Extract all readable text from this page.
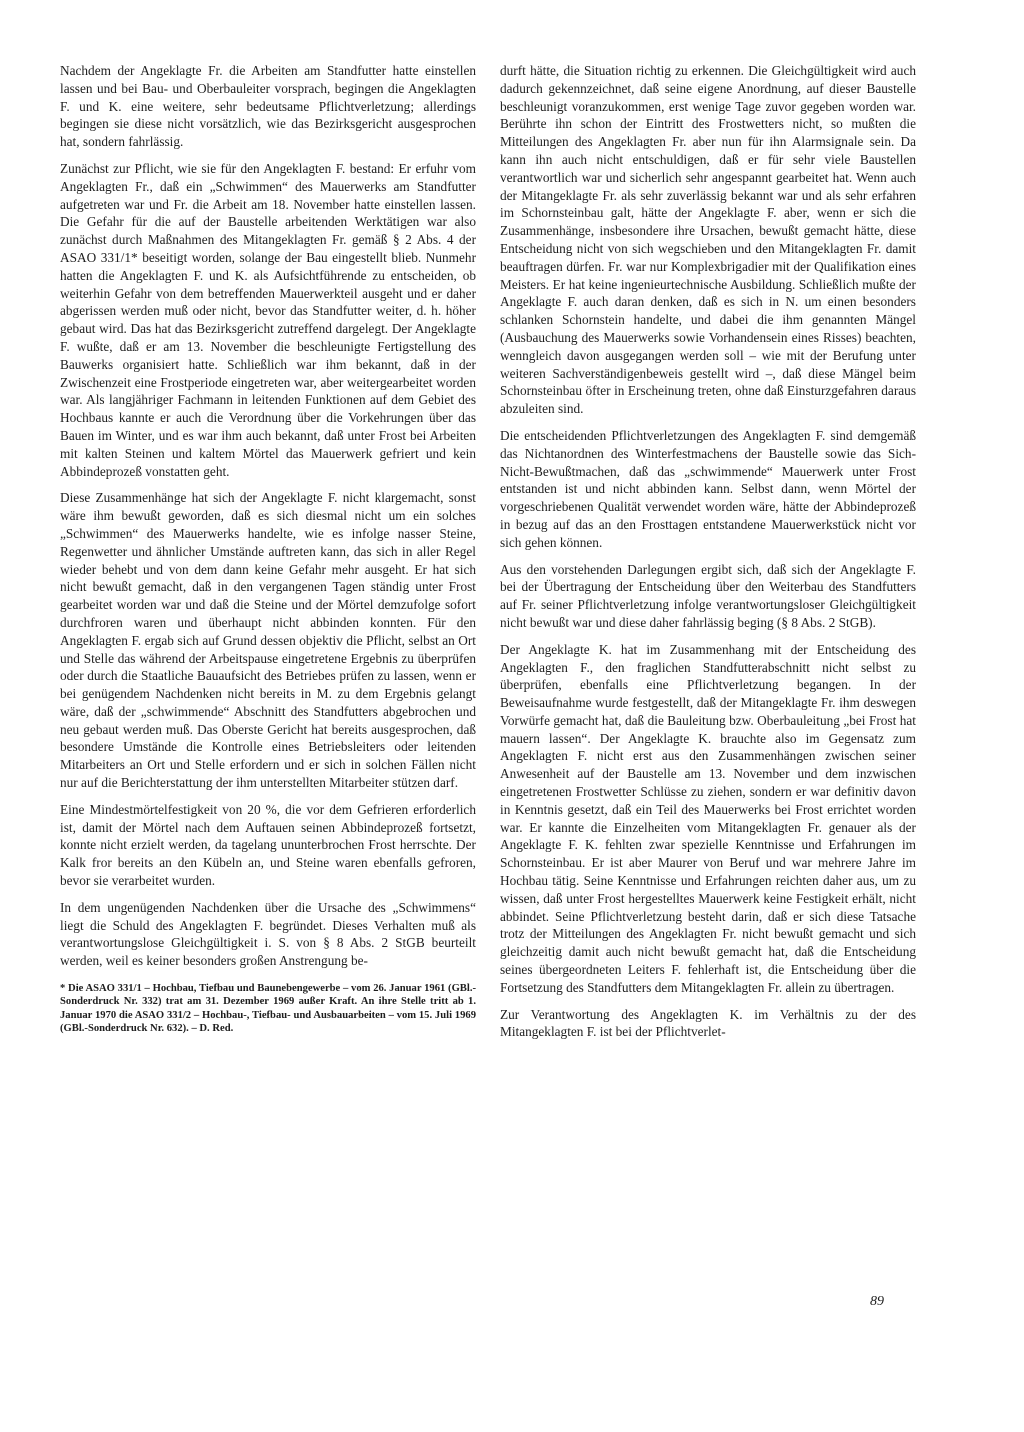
Nachdem der Angeklagte Fr. die Arbeiten am Standfutter hatte einstellen lassen und bei Bau- und Oberbauleiter vorsprach, begingen die Angeklagten F. und K. eine weitere, sehr bedeutsame Pflichtverletzung; allerdings begingen sie diese nicht vorsätzlich, wie das Bezirksgericht ausgesprochen hat, sondern fahrlässig.

Zunächst zur Pflicht, wie sie für den Angeklagten F. bestand: Er erfuhr vom Angeklagten Fr., daß ein „Schwimmen“ des Mauerwerks am Standfutter aufgetreten war und Fr. die Arbeit am 18. November hatte einstellen lassen. Die Gefahr für die auf der Baustelle arbeitenden Werktätigen war also zunächst durch Maßnahmen des Mitangeklagten Fr. gemäß § 2 Abs. 4 der ASAO 331/1* beseitigt worden, solange der Bau eingestellt blieb. Nunmehr hatten die Angeklagten F. und K. als Aufsichtführende zu entscheiden, ob weiterhin Gefahr von dem betreffenden Mauerwerkteil ausgeht und er daher abgerissen werden muß oder nicht, bevor das Standfutter weiter, d. h. höher gebaut wird. Das hat das Bezirksgericht zutreffend dargelegt. Der Angeklagte F. wußte, daß er am 13. November die beschleunigte Fertigstellung des Bauwerks organisiert hatte. Schließlich war ihm bekannt, daß in der Zwischenzeit eine Frostperiode eingetreten war, aber weitergearbeitet worden war. Als langjähriger Fachmann in leitenden Funktionen auf dem Gebiet des Hochbaus kannte er auch die Verordnung über die Vorkehrungen über das Bauen im Winter, und es war ihm auch bekannt, daß unter Frost bei Arbeiten mit kalten Steinen und kaltem Mörtel das Mauerwerk gefriert und kein Abbindeprozeß vonstatten geht.

Diese Zusammenhänge hat sich der Angeklagte F. nicht klargemacht, sonst wäre ihm bewußt geworden, daß es sich diesmal nicht um ein solches „Schwimmen“ des Mauerwerks handelte, wie es infolge nasser Steine, Regenwetter und ähnlicher Umstände auftreten kann, das sich in aller Regel wieder behebt und von dem dann keine Gefahr mehr ausgeht. Er hat sich nicht bewußt gemacht, daß in den vergangenen Tagen ständig unter Frost gearbeitet worden war und daß die Steine und der Mörtel demzufolge sofort durchfroren waren und überhaupt nicht abbinden konnten. Für den Angeklagten F. ergab sich auf Grund dessen objektiv die Pflicht, selbst an Ort und Stelle das während der Arbeitspause eingetretene Ergebnis zu überprüfen oder durch die Staatliche Bauaufsicht des Betriebes prüfen zu lassen, wenn er bei genügendem Nachdenken nicht bereits in M. zu dem Ergebnis gelangt wäre, daß der „schwimmende“ Abschnitt des Standfutters abgebrochen und neu gebaut werden muß. Das Oberste Gericht hat bereits ausgesprochen, daß besondere Umstände die Kontrolle eines Betriebsleiters oder leitenden Mitarbeiters an Ort und Stelle erfordern und er sich in solchen Fällen nicht nur auf die Berichterstattung der ihm unterstellten Mitarbeiter stützen darf.

Eine Mindestmörtelfestigkeit von 20 %, die vor dem Gefrieren erforderlich ist, damit der Mörtel nach dem Auftauen seinen Abbindeprozeß fortsetzt, konnte nicht erzielt werden, da tagelang ununterbrochen Frost herrschte. Der Kalk fror bereits an den Kübeln an, und Steine waren ebenfalls gefroren, bevor sie verarbeitet wurden.

In dem ungenügenden Nachdenken über die Ursache des „Schwimmens“ liegt die Schuld des Angeklagten F. begründet. Dieses Verhalten muß als verantwortungslose Gleichgültigkeit i. S. von § 8 Abs. 2 StGB beurteilt werden, weil es keiner besonders großen Anstrengung be-

* Die ASAO 331/1 – Hochbau, Tiefbau und Baunebengewerbe – vom 26. Januar 1961 (GBl.-Sonderdruck Nr. 332) trat am 31. Dezember 1969 außer Kraft. An ihre Stelle tritt ab 1. Januar 1970 die ASAO 331/2 – Hochbau-, Tiefbau- und Ausbauarbeiten – vom 15. Juli 1969 (GBl.-Sonderdruck Nr. 632). – D. Red.

durft hätte, die Situation richtig zu erkennen. Die Gleichgültigkeit wird auch dadurch gekennzeichnet, daß seine eigene Anordnung, auf dieser Baustelle beschleunigt voranzukommen, erst wenige Tage zuvor gegeben worden war. Berührte ihn schon der Eintritt des Frostwetters nicht, so mußten die Mitteilungen des Angeklagten Fr. aber nun für ihn Alarmsignale sein. Da kann ihn auch nicht entschuldigen, daß er für sehr viele Baustellen verantwortlich war und sicherlich sehr angespannt gearbeitet hat. Wenn auch der Mitangeklagte Fr. als sehr zuverlässig bekannt war und als sehr erfahren im Schornsteinbau galt, hätte der Angeklagte F. aber, wenn er sich die Zusammenhänge, insbesondere ihre Ursachen, bewußt gemacht hätte, diese Entscheidung nicht von sich wegschieben und den Mitangeklagten Fr. damit beauftragen dürfen. Fr. war nur Komplexbrigadier mit der Qualifikation eines Meisters. Er hat keine ingenieurtechnische Ausbildung. Schließlich mußte der Angeklagte F. auch daran denken, daß es sich in N. um einen besonders schlanken Schornstein handelte, und dabei die ihm genannten Mängel (Ausbauchung des Mauerwerks sowie Vorhandensein eines Risses) beachten, wenngleich davon ausgegangen werden soll – wie mit der Berufung unter weiteren Sachverständigenbeweis gestellt wird –, daß diese Mängel beim Schornsteinbau öfter in Erscheinung treten, ohne daß Einsturzgefahren daraus abzuleiten sind.

Die entscheidenden Pflichtverletzungen des Angeklagten F. sind demgemäß das Nichtanordnen des Winterfestmachens der Baustelle sowie das Sich-Nicht-Bewußtmachen, daß das „schwimmende“ Mauerwerk unter Frost entstanden ist und nicht abbinden kann. Selbst dann, wenn Mörtel der vorgeschriebenen Qualität verwendet worden wäre, hätte der Abbindeprozeß in bezug auf das an den Frosttagen entstandene Mauerwerkstück nicht vor sich gehen können.

Aus den vorstehenden Darlegungen ergibt sich, daß sich der Angeklagte F. bei der Übertragung der Entscheidung über den Weiterbau des Standfutters auf Fr. seiner Pflichtverletzung infolge verantwortungsloser Gleichgültigkeit nicht bewußt war und diese daher fahrlässig beging (§ 8 Abs. 2 StGB).

Der Angeklagte K. hat im Zusammenhang mit der Entscheidung des Angeklagten F., den fraglichen Standfutterabschnitt nicht selbst zu überprüfen, ebenfalls eine Pflichtverletzung begangen. In der Beweisaufnahme wurde festgestellt, daß der Mitangeklagte Fr. ihm deswegen Vorwürfe gemacht hat, daß die Bauleitung bzw. Oberbauleitung „bei Frost hat mauern lassen“. Der Angeklagte K. brauchte also im Gegensatz zum Angeklagten F. nicht erst aus den Zusammenhängen zwischen seiner Anwesenheit auf der Baustelle am 13. November und dem inzwischen eingetretenen Frostwetter Schlüsse zu ziehen, sondern er war definitiv davon in Kenntnis gesetzt, daß ein Teil des Mauerwerks bei Frost errichtet worden war. Er kannte die Einzelheiten vom Mitangeklagten Fr. genauer als der Angeklagte F. K. fehlten zwar spezielle Kenntnisse und Erfahrungen im Schornsteinbau. Er ist aber Maurer von Beruf und war mehrere Jahre im Hochbau tätig. Seine Kenntnisse und Erfahrungen reichten daher aus, um zu wissen, daß unter Frost hergestelltes Mauerwerk keine Festigkeit erhält, nicht abbindet. Seine Pflichtverletzung besteht darin, daß er sich diese Tatsache trotz der Mitteilungen des Angeklagten Fr. nicht bewußt gemacht und sich gleichzeitig damit auch nicht bewußt gemacht hat, daß die Entscheidung seines übergeordneten Leiters F. fehlerhaft ist, die Entscheidung über die Fortsetzung des Standfutters dem Mitangeklagten Fr. allein zu übertragen.

Zur Verantwortung des Angeklagten K. im Verhältnis zu der des Mitangeklagten F. ist bei der Pflichtverlet-

89
